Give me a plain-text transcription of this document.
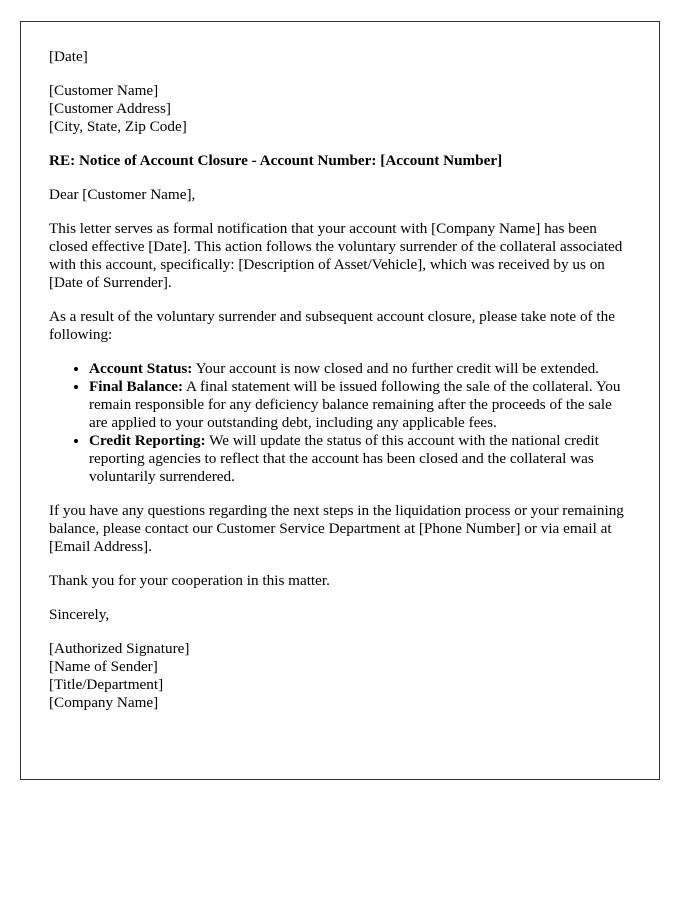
[Date]

[Customer Name]
[Customer Address]
[City, State, Zip Code]

RE: Notice of Account Closure - Account Number: [Account Number]

Dear [Customer Name],

This letter serves as formal notification that your account with [Company Name] has been closed effective [Date]. This action follows the voluntary surrender of the collateral associated with this account, specifically: [Description of Asset/Vehicle], which was received by us on [Date of Surrender].

As a result of the voluntary surrender and subsequent account closure, please take note of the following:

• Account Status: Your account is now closed and no further credit will be extended.
• Final Balance: A final statement will be issued following the sale of the collateral. You remain responsible for any deficiency balance remaining after the proceeds of the sale are applied to your outstanding debt, including any applicable fees.
• Credit Reporting: We will update the status of this account with the national credit reporting agencies to reflect that the account has been closed and the collateral was voluntarily surrendered.

If you have any questions regarding the next steps in the liquidation process or your remaining balance, please contact our Customer Service Department at [Phone Number] or via email at [Email Address].

Thank you for your cooperation in this matter.

Sincerely,

[Authorized Signature]
[Name of Sender]
[Title/Department]
[Company Name]
